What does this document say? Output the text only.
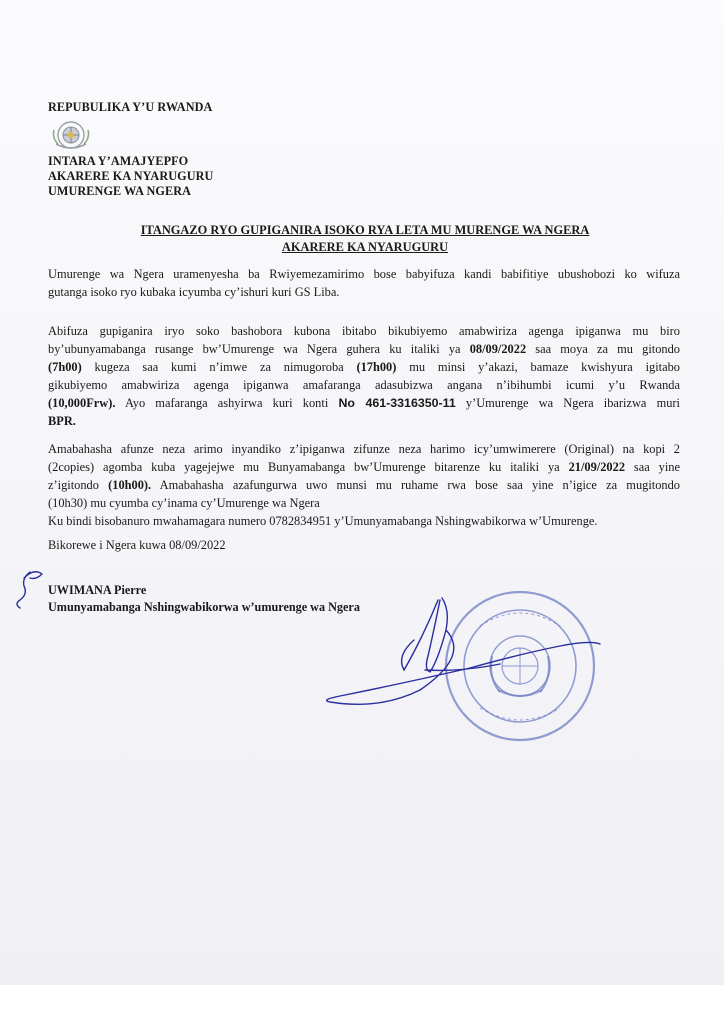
REPUBULIKA Y’U RWANDA
INTARA Y’AMAJYEPFO
AKARERE KA NYARUGURU
UMURENGE WA NGERA
ITANGAZO RYO GUPIGANIRA ISOKO RYA LETA MU MURENGE WA NGERA
AKARERE KA NYARUGURU
Umurenge wa Ngera uramenyesha ba Rwiyemezamirimo bose babyifuza kandi babifitiye ubushobozi ko wifuza
gutanga isoko ryo kubaka icyumba cy’ishuri kuri GS Liba.
Abifuza gupiganira iryo soko bashobora kubona ibitabo bikubiyemo amabwiriza agenga ipiganwa mu biro
by’ubunyamabanga rusange bw’Umurenge wa Ngera guhera ku italiki ya 08/09/2022 saa moya za mu gitondo
(7h00) kugeza saa kumi n’imwe za nimugoroba (17h00) mu minsi y’akazi, bamaze kwishyura igitabo
gikubiyemo amabwiriza agenga ipiganwa amafaranga adasubizwa angana n’ibihumbi icumi y’u Rwanda
(10,000Frw). Ayo mafaranga ashyirwa kuri konti No 461-3316350-11 y’Umurenge wa Ngera ibarizwa muri
BPR.
Amabahasha afunze neza arimo inyandiko z’ipiganwa zifunze neza harimo icy’umwimerere (Original) na kopi 2
(2copies) agomba kuba yagejejwe mu Bunyamabanga bw’Umurenge bitarenze ku italiki ya 21/09/2022 saa yine
z’igitondo (10h00). Amabahasha azafungurwa uwo munsi mu ruhame rwa bose saa yine n’igice za mugitondo
(10h30) mu cyumba cy’inama cy’Umurenge wa Ngera
Ku bindi bisobanuro mwahamagara numero 0782834951 y’Umunyamabanga Nshingwabikorwa w’Umurenge.
Bikorewe i Ngera kuwa 08/09/2022
UWIMANA Pierre
Umunyamabanga Nshingwabikorwa w’umurenge wa Ngera
